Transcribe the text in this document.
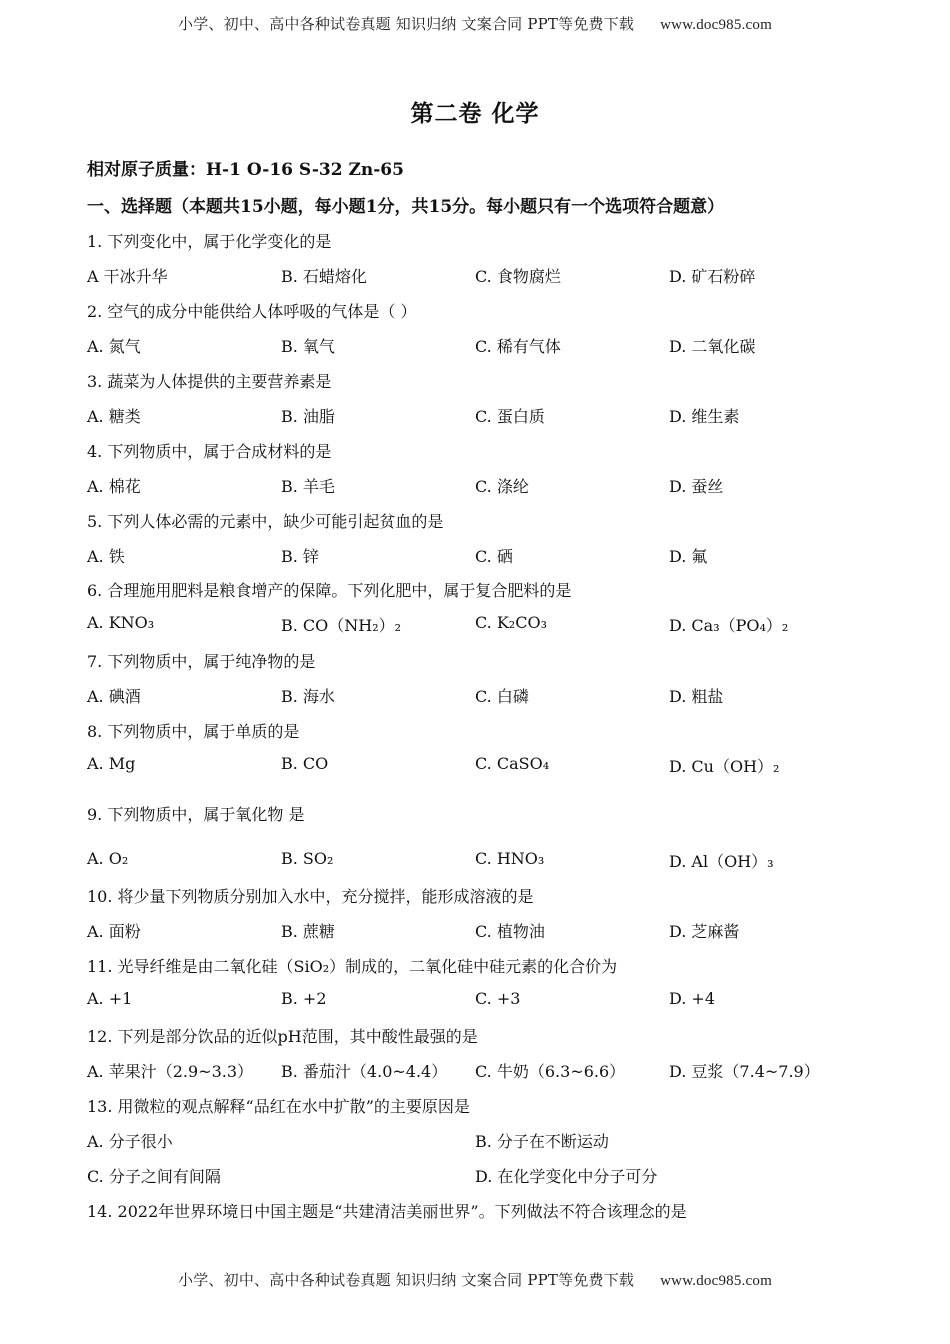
小学、初中、高中各种试卷真题 知识归纳 文案合同 PPT等免费下载 www.doc985.com
第二卷 化学
相对原子质量：H-1 O-16 S-32 Zn-65
一、选择题（本题共15小题，每小题1分，共15分。每小题只有一个选项符合题意）
1. 下列变化中，属于化学变化的是
A 干冰升华	B. 石蜡熔化	C. 食物腐烂	D. 矿石粉碎
2. 空气的成分中能供给人体呼吸的气体是（ ）
A. 氮气	B. 氧气	C. 稀有气体	D. 二氧化碳
3. 蔬菜为人体提供的主要营养素是
A. 糖类	B. 油脂	C. 蛋白质	D. 维生素
4. 下列物质中，属于合成材料的是
A. 棉花	B. 羊毛	C. 涤纶	D. 蚕丝
5. 下列人体必需的元素中，缺少可能引起贫血的是
A. 铁	B. 锌	C. 硒	D. 氟
6. 合理施用肥料是粮食增产的保障。下列化肥中，属于复合肥料的是
A. KNO₃	B. CO（NH₂）₂	C. K₂CO₃	D. Ca₃（PO₄）₂
7. 下列物质中，属于纯净物的是
A. 碘酒	B. 海水	C. 白磷	D. 粗盐
8. 下列物质中，属于单质的是
A. Mg	B. CO	C. CaSO₄	D. Cu（OH）₂
9. 下列物质中，属于氧化物 是
A. O₂	B. SO₂	C. HNO₃	D. Al（OH）₃
10. 将少量下列物质分别加入水中，充分搅拌，能形成溶液的是
A. 面粉	B. 蔗糖	C. 植物油	D. 芝麻酱
11. 光导纤维是由二氧化硅（SiO₂）制成的，二氧化硅中硅元素的化合价为
A. +1	B. +2	C. +3	D. +4
12. 下列是部分饮品的近似pH范围，其中酸性最强的是
A. 苹果汁（2.9~3.3） B. 番茄汁（4.0~4.4） C. 牛奶（6.3~6.6）	D. 豆浆（7.4~7.9）
13. 用微粒的观点解释“品红在水中扩散”的主要原因是
A. 分子很小	B. 分子在不断运动
C. 分子之间有间隔	D. 在化学变化中分子可分
14. 2022年世界环境日中国主题是“共建清洁美丽世界”。下列做法不符合该理念的是
小学、初中、高中各种试卷真题 知识归纳 文案合同 PPT等免费下载 www.doc985.com
